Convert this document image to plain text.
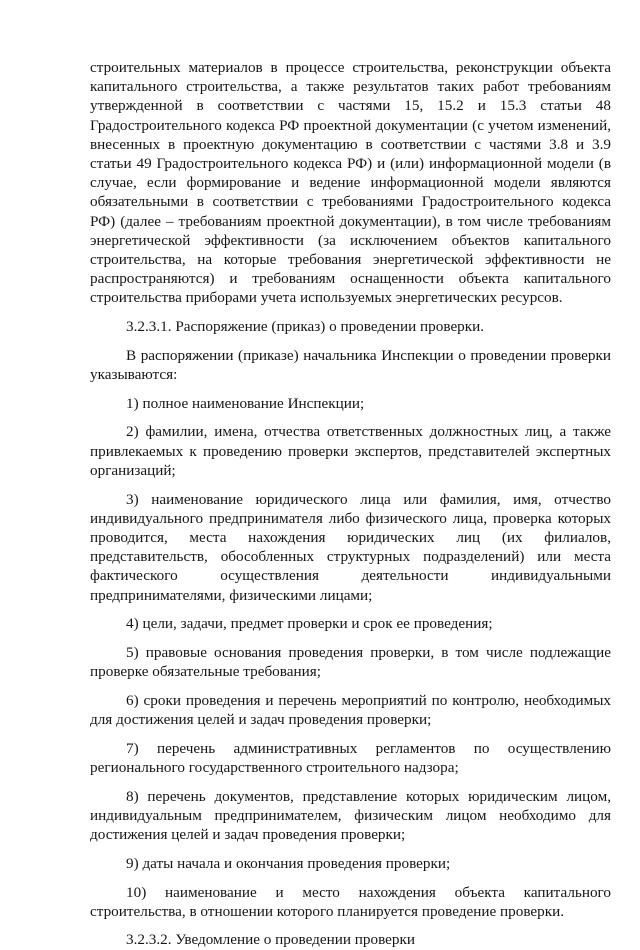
строительных материалов в процессе строительства, реконструкции объекта капитального строительства, а также результатов таких работ требованиям утвержденной в соответствии с частями 15, 15.2 и 15.3 статьи 48 Градостроительного кодекса РФ проектной документации (с учетом изменений, внесенных в проектную документацию в соответствии с частями 3.8 и 3.9 статьи 49 Градостроительного кодекса РФ) и (или) информационной модели (в случае, если формирование и ведение информационной модели являются обязательными в соответствии с требованиями Градостроительного кодекса РФ) (далее – требованиям проектной документации), в том числе требованиям энергетической эффективности (за исключением объектов капитального строительства, на которые требования энергетической эффективности не распространяются) и требованиям оснащенности объекта капитального строительства приборами учета используемых энергетических ресурсов.

3.2.3.1. Распоряжение (приказ) о проведении проверки.

В распоряжении (приказе) начальника Инспекции о проведении проверки указываются:

1) полное наименование Инспекции;

2) фамилии, имена, отчества ответственных должностных лиц, а также привлекаемых к проведению проверки экспертов, представителей экспертных организаций;

3) наименование юридического лица или фамилия, имя, отчество индивидуального предпринимателя либо физического лица, проверка которых проводится, места нахождения юридических лиц (их филиалов, представительств, обособленных структурных подразделений) или места фактического осуществления деятельности индивидуальными предпринимателями, физическими лицами;

4) цели, задачи, предмет проверки и срок ее проведения;

5) правовые основания проведения проверки, в том числе подлежащие проверке обязательные требования;

6) сроки проведения и перечень мероприятий по контролю, необходимых для достижения целей и задач проведения проверки;

7) перечень административных регламентов по осуществлению регионального государственного строительного надзора;

8) перечень документов, представление которых юридическим лицом, индивидуальным предпринимателем, физическим лицом необходимо для достижения целей и задач проведения проверки;

9) даты начала и окончания проведения проверки;

10) наименование и место нахождения объекта капитального строительства, в отношении которого планируется проведение проверки.

3.2.3.2. Уведомление о проведении проверки
